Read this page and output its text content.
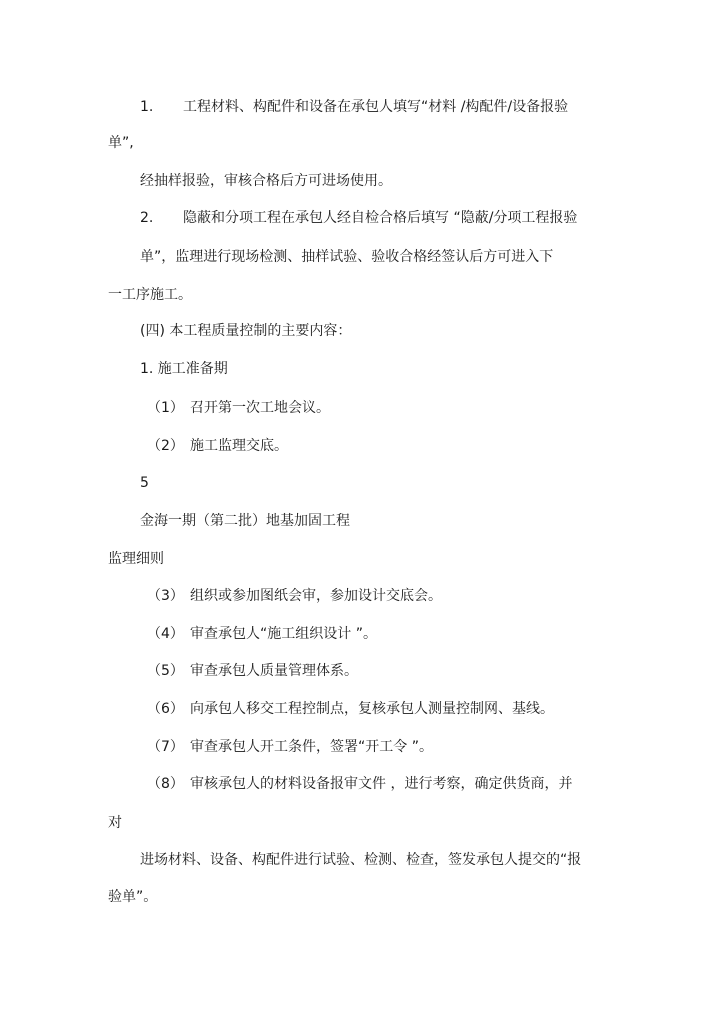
1. 工程材料、构配件和设备在承包人填写“材料 /构配件/设备报验
单”,
经抽样报验，审核合格后方可进场使用。
2. 隐蔽和分项工程在承包人经自检合格后填写 “隐蔽/分项工程报验
单”，监理进行现场检测、抽样试验、验收合格经签认后方可进入下
一工序施工。
(四) 本工程质量控制的主要内容：
1. 施工准备期
（1） 召开第一次工地会议。
（2） 施工监理交底。
5
金海一期（第二批）地基加固工程
监理细则
（3） 组织或参加图纸会审，参加设计交底会。
（4） 审查承包人“施工组织设计 ”。
（5） 审查承包人质量管理体系。
（6） 向承包人移交工程控制点，复核承包人测量控制网、基线。
（7） 审查承包人开工条件，签署“开工令 ”。
（8） 审核承包人的材料设备报审文件 ，进行考察，确定供货商，并
对
进场材料、设备、构配件进行试验、检测、检查，签发承包人提交的“报
验单”。
